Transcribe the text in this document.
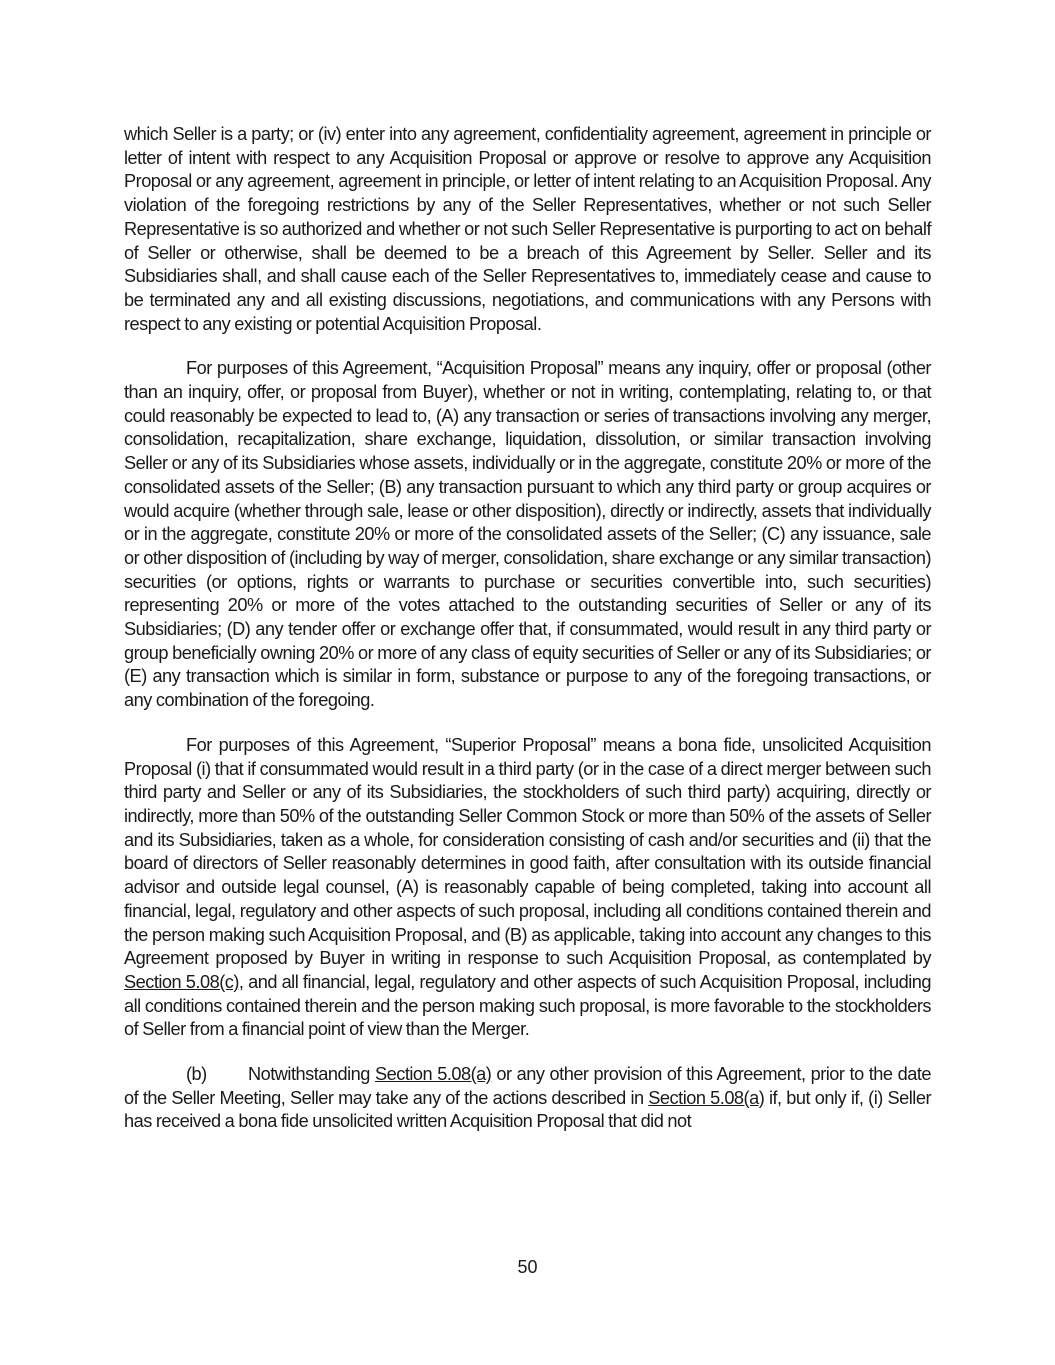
which Seller is a party; or (iv) enter into any agreement, confidentiality agreement, agreement in principle or letter of intent with respect to any Acquisition Proposal or approve or resolve to approve any Acquisition Proposal or any agreement, agreement in principle, or letter of intent relating to an Acquisition Proposal. Any violation of the foregoing restrictions by any of the Seller Representatives, whether or not such Seller Representative is so authorized and whether or not such Seller Representative is purporting to act on behalf of Seller or otherwise, shall be deemed to be a breach of this Agreement by Seller. Seller and its Subsidiaries shall, and shall cause each of the Seller Representatives to, immediately cease and cause to be terminated any and all existing discussions, negotiations, and communications with any Persons with respect to any existing or potential Acquisition Proposal.

For purposes of this Agreement, “Acquisition Proposal” means any inquiry, offer or proposal (other than an inquiry, offer, or proposal from Buyer), whether or not in writing, contemplating, relating to, or that could reasonably be expected to lead to, (A) any transaction or series of transactions involving any merger, consolidation, recapitalization, share exchange, liquidation, dissolution, or similar transaction involving Seller or any of its Subsidiaries whose assets, individually or in the aggregate, constitute 20% or more of the consolidated assets of the Seller; (B) any transaction pursuant to which any third party or group acquires or would acquire (whether through sale, lease or other disposition), directly or indirectly, assets that individually or in the aggregate, constitute 20% or more of the consolidated assets of the Seller; (C) any issuance, sale or other disposition of (including by way of merger, consolidation, share exchange or any similar transaction) securities (or options, rights or warrants to purchase or securities convertible into, such securities) representing 20% or more of the votes attached to the outstanding securities of Seller or any of its Subsidiaries; (D) any tender offer or exchange offer that, if consummated, would result in any third party or group beneficially owning 20% or more of any class of equity securities of Seller or any of its Subsidiaries; or (E) any transaction which is similar in form, substance or purpose to any of the foregoing transactions, or any combination of the foregoing.

For purposes of this Agreement, “Superior Proposal” means a bona fide, unsolicited Acquisition Proposal (i) that if consummated would result in a third party (or in the case of a direct merger between such third party and Seller or any of its Subsidiaries, the stockholders of such third party) acquiring, directly or indirectly, more than 50% of the outstanding Seller Common Stock or more than 50% of the assets of Seller and its Subsidiaries, taken as a whole, for consideration consisting of cash and/or securities and (ii) that the board of directors of Seller reasonably determines in good faith, after consultation with its outside financial advisor and outside legal counsel, (A) is reasonably capable of being completed, taking into account all financial, legal, regulatory and other aspects of such proposal, including all conditions contained therein and the person making such Acquisition Proposal, and (B) as applicable, taking into account any changes to this Agreement proposed by Buyer in writing in response to such Acquisition Proposal, as contemplated by Section 5.08(c), and all financial, legal, regulatory and other aspects of such Acquisition Proposal, including all conditions contained therein and the person making such proposal, is more favorable to the stockholders of Seller from a financial point of view than the Merger.

(b) Notwithstanding Section 5.08(a) or any other provision of this Agreement, prior to the date of the Seller Meeting, Seller may take any of the actions described in Section 5.08(a) if, but only if, (i) Seller has received a bona fide unsolicited written Acquisition Proposal that did not

50
